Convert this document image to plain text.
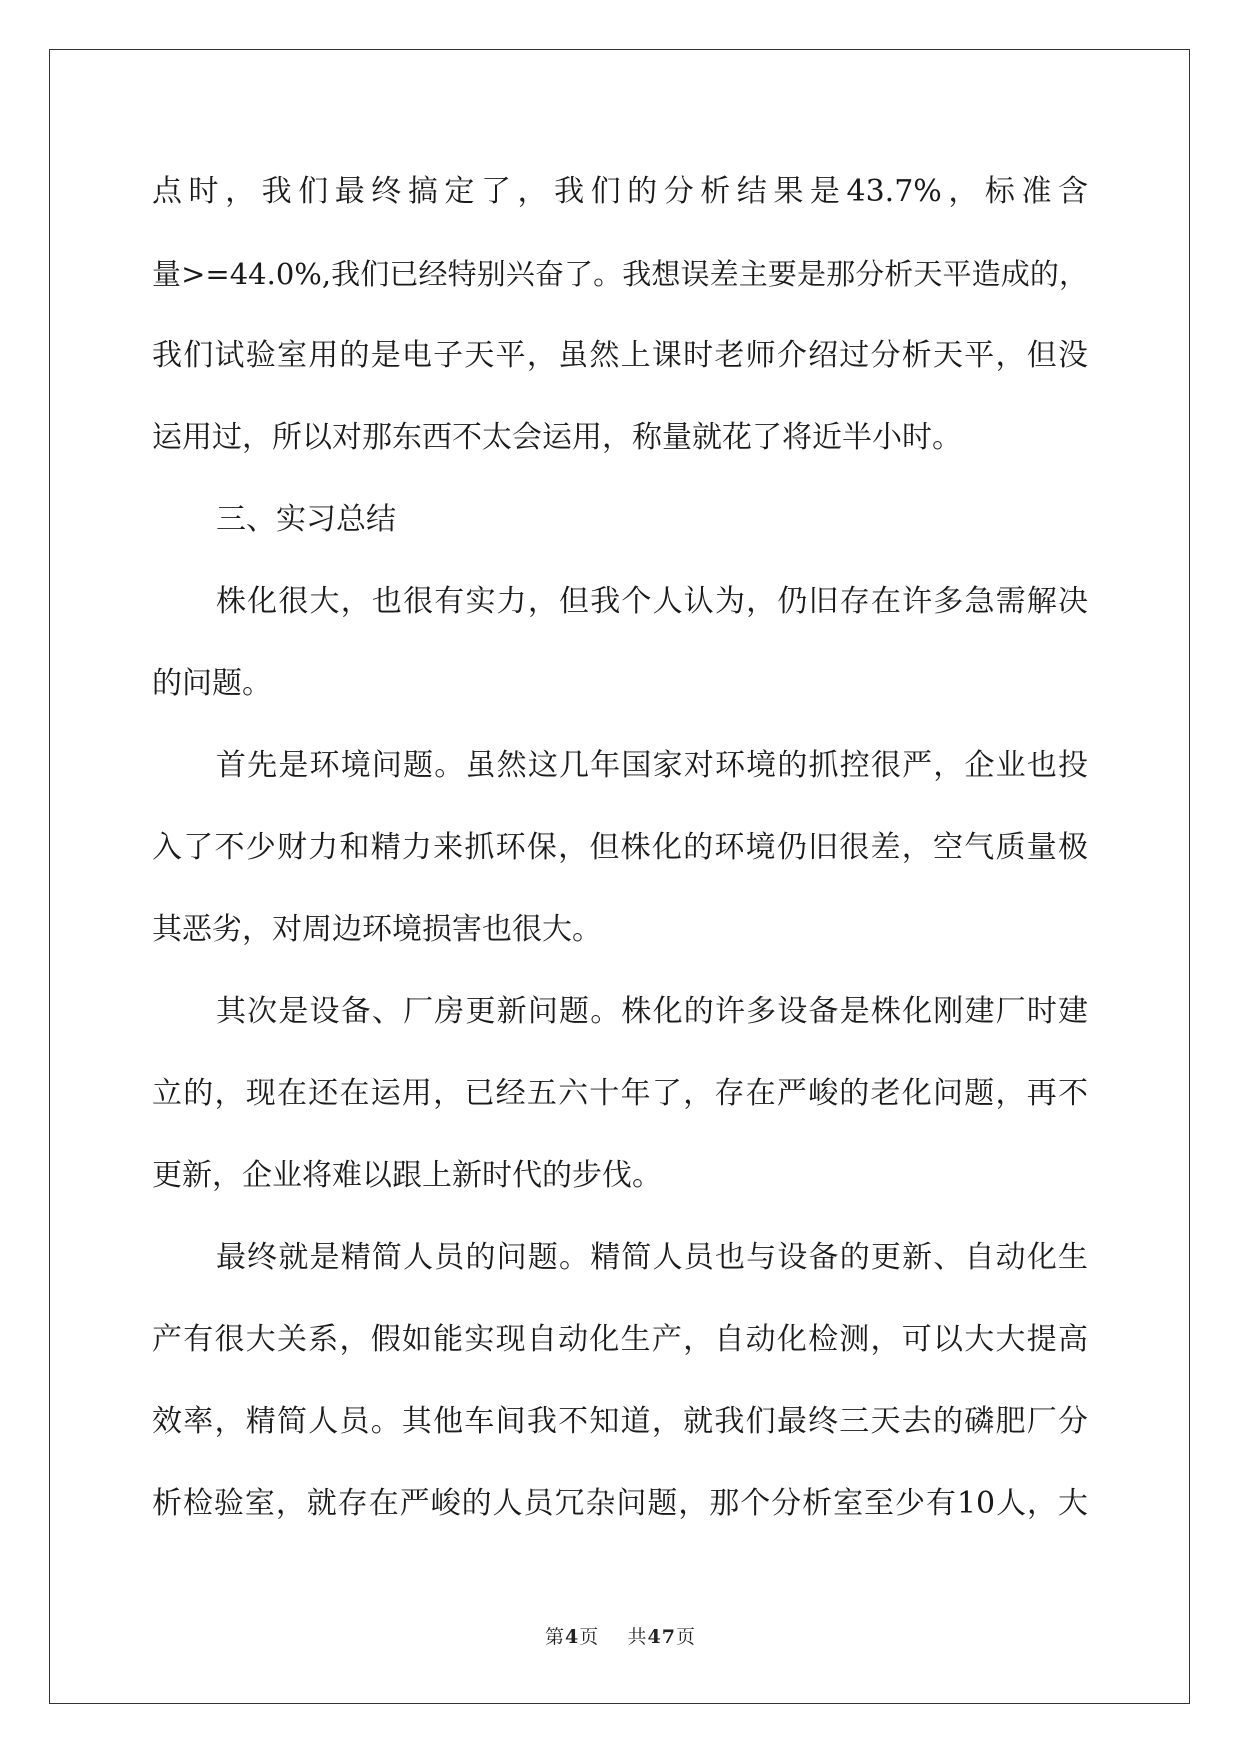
点时，我们最终搞定了，我们的分析结果是43.7%，标准含
量>=44.0%,我们已经特别兴奋了。我想误差主要是那分析天平造成的，
我们试验室用的是电子天平，虽然上课时老师介绍过分析天平，但没
运用过，所以对那东西不太会运用，称量就花了将近半小时。
三、实习总结
株化很大，也很有实力，但我个人认为，仍旧存在许多急需解决
的问题。
首先是环境问题。虽然这几年国家对环境的抓控很严，企业也投
入了不少财力和精力来抓环保，但株化的环境仍旧很差，空气质量极
其恶劣，对周边环境损害也很大。
其次是设备、厂房更新问题。株化的许多设备是株化刚建厂时建
立的，现在还在运用，已经五六十年了，存在严峻的老化问题，再不
更新，企业将难以跟上新时代的步伐。
最终就是精简人员的问题。精简人员也与设备的更新、自动化生
产有很大关系，假如能实现自动化生产，自动化检测，可以大大提高
效率，精简人员。其他车间我不知道，就我们最终三天去的磷肥厂分
析检验室，就存在严峻的人员冗杂问题，那个分析室至少有10人，大
第4页 共47页
